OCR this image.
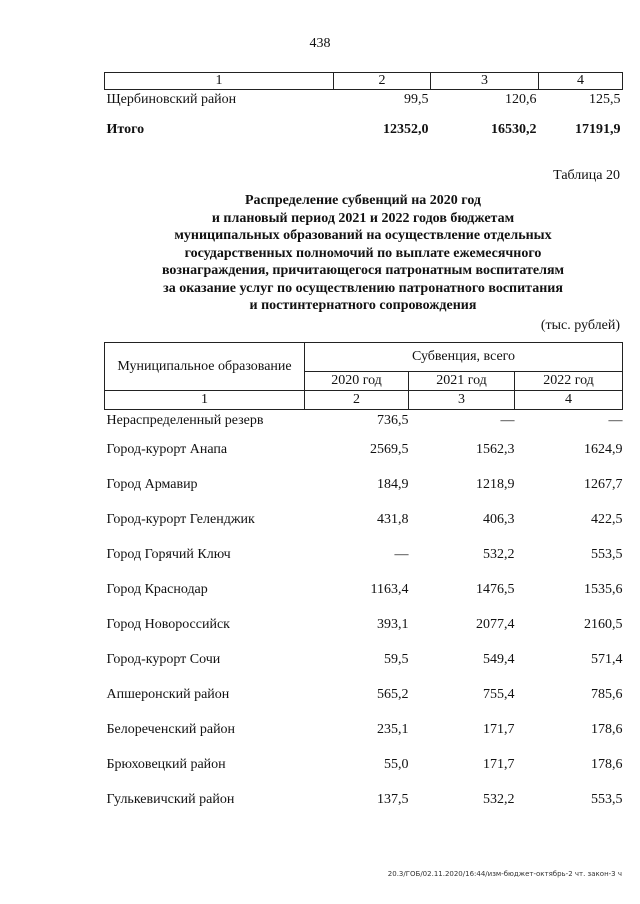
438
1	2	3	4
Щербиновский район	99,5	120,6	125,5
Итого	12352,0	16530,2	17191,9
Таблица 20
Распределение субвенций на 2020 год
и плановый период 2021 и 2022 годов бюджетам
муниципальных образований на осуществление отдельных
государственных полномочий по выплате ежемесячного
вознаграждения, причитающегося патронатным воспитателям
за оказание услуг по осуществлению патронатного воспитания
и постинтернатного сопровождения
(тыс. рублей)
Муниципальное образование	Субвенция, всего		
	2020 год	2021 год	2022 год
1	2	3	4
Нераспределенный резерв	736,5	—	—
Город-курорт Анапа	2569,5	1562,3	1624,9
Город Армавир	184,9	1218,9	1267,7
Город-курорт Геленджик	431,8	406,3	422,5
Город Горячий Ключ	—	532,2	553,5
Город Краснодар	1163,4	1476,5	1535,6
Город Новороссийск	393,1	2077,4	2160,5
Город-курорт Сочи	59,5	549,4	571,4
Апшеронский район	565,2	755,4	785,6
Белореченский район	235,1	171,7	178,6
Брюховецкий район	55,0	171,7	178,6
Гулькевичский район	137,5	532,2	553,5
20.3/ГОБ/02.11.2020/16:44/изм-бюджет-октябрь-2 чт. закон-3 ч
